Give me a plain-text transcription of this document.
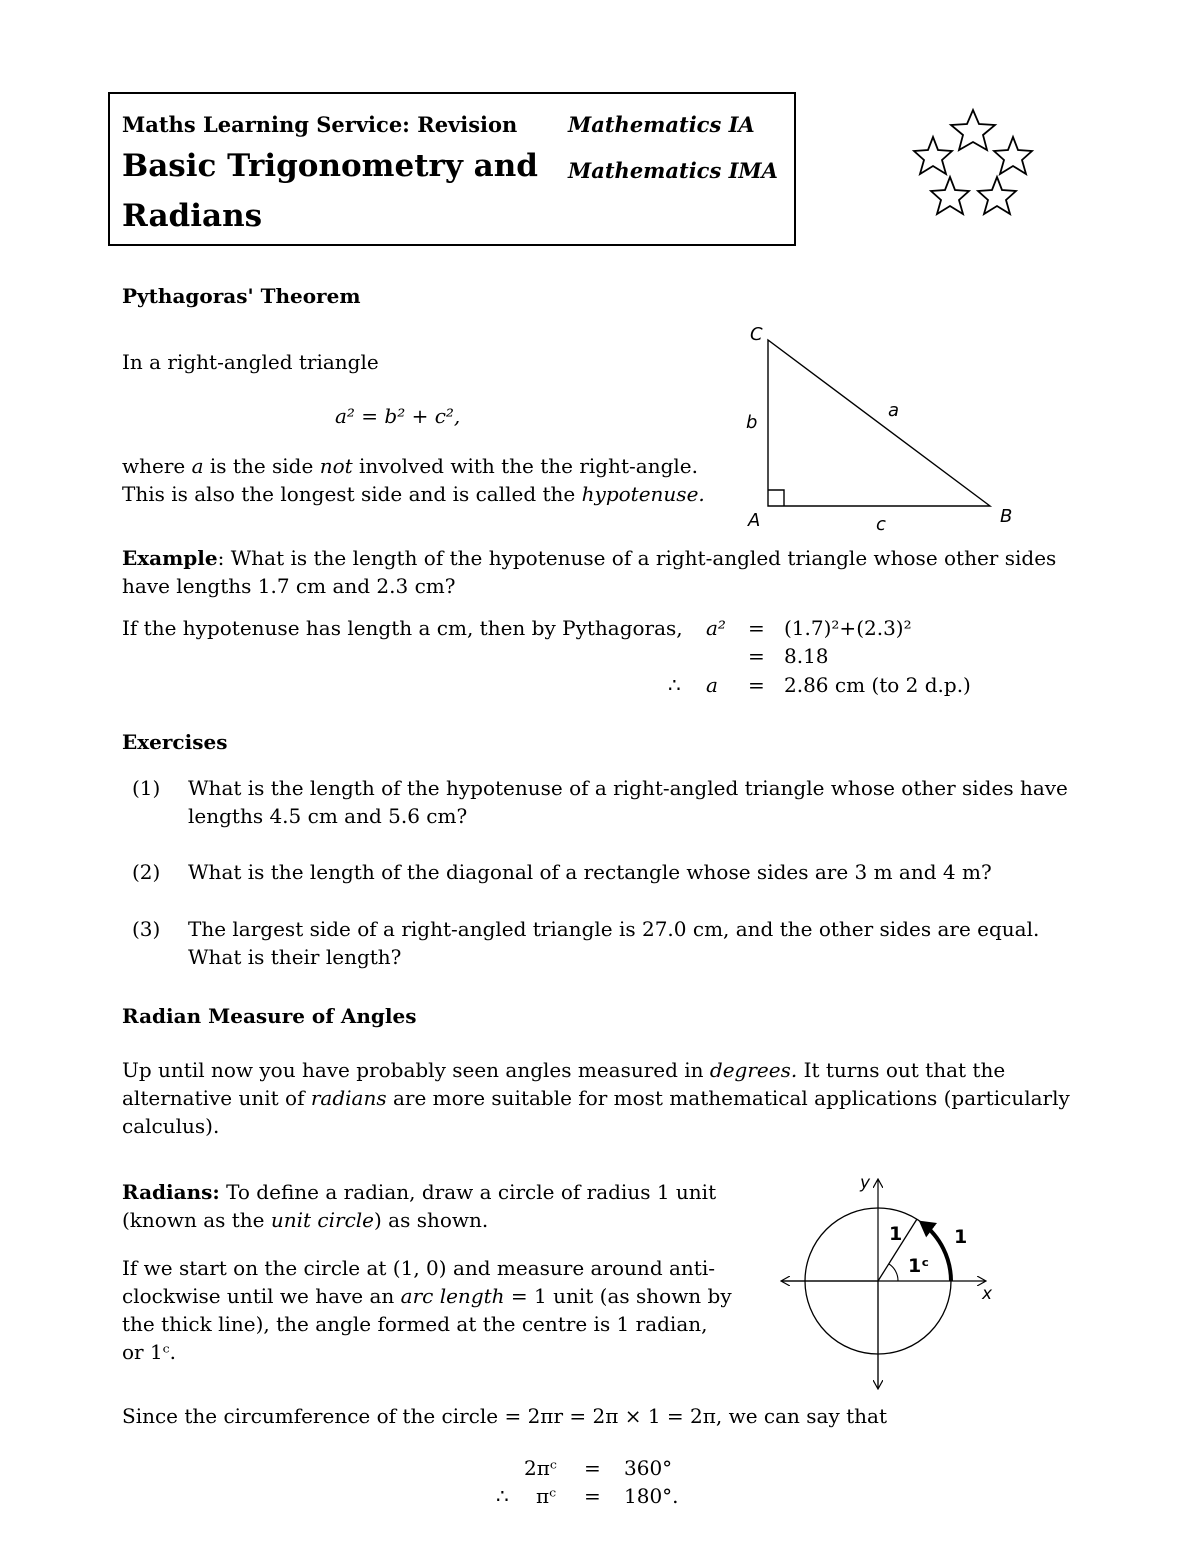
Maths Learning Service: Revision
Basic Trigonometry and
Radians
Mathematics IA
Mathematics IMA
Pythagoras' Theorem
In a right-angled triangle
a² = b² + c²,
where a is the side not involved with the the right-angle.
This is also the longest side and is called the hypotenuse.
C
A	B
a
b
c
Example: What is the length of the hypotenuse of a right-angled triangle whose other sides
have lengths 1.7 cm and 2.3 cm?
If the hypotenuse has length a cm, then by Pythagoras, a² = (1.7)²+(2.3)²
= 8.18
∴ a = 2.86 cm (to 2 d.p.)
Exercises
(1) What is the length of the hypotenuse of a right-angled triangle whose other sides have
lengths 4.5 cm and 5.6 cm?
(2) What is the length of the diagonal of a rectangle whose sides are 3 m and 4 m?
(3) The largest side of a right-angled triangle is 27.0 cm, and the other sides are equal.
What is their length?
Radian Measure of Angles
Up until now you have probably seen angles measured in degrees. It turns out that the
alternative unit of radians are more suitable for most mathematical applications (particularly
calculus).
Radians: To define a radian, draw a circle of radius 1 unit
(known as the unit circle) as shown.
If we start on the circle at (1, 0) and measure around anti-
clockwise until we have an arc length = 1 unit (as shown by
the thick line), the angle formed at the centre is 1 radian,
or 1ᶜ.
y
x
1	1
1ᶜ
Since the circumference of the circle = 2πr = 2π × 1 = 2π, we can say that
2πᶜ = 360°
∴ πᶜ = 180°.
